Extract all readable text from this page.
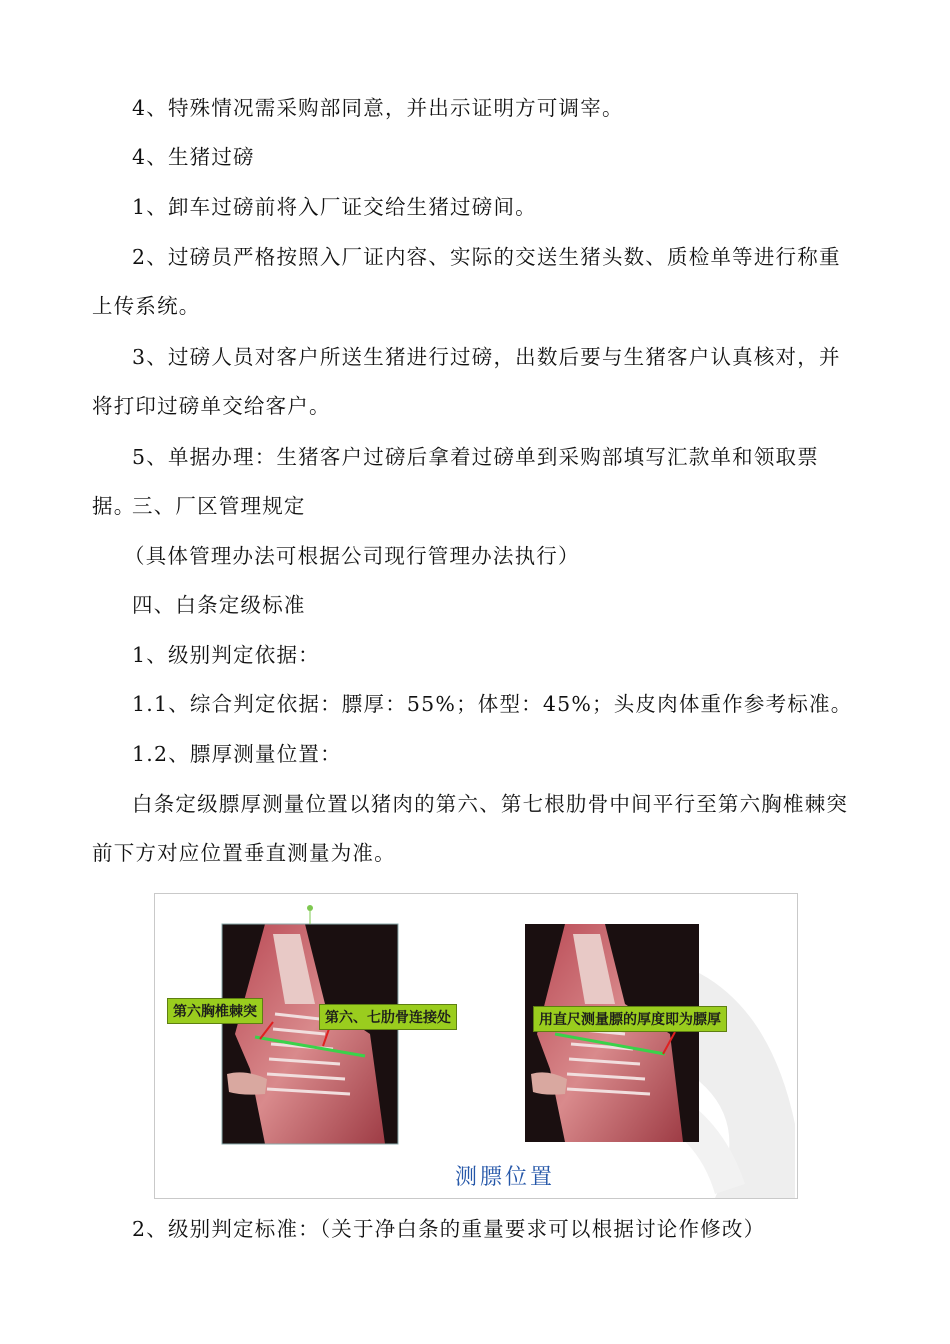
4、特殊情况需采购部同意，并出示证明方可调宰。

4、生猪过磅

1、卸车过磅前将入厂证交给生猪过磅间。

2、过磅员严格按照入厂证内容、实际的交送生猪头数、质检单等进行称重上传系统。

3、过磅人员对客户所送生猪进行过磅，出数后要与生猪客户认真核对，并将打印过磅单交给客户。

5、单据办理：生猪客户过磅后拿着过磅单到采购部填写汇款单和领取票据。

三、厂区管理规定

（具体管理办法可根据公司现行管理办法执行）

四、白条定级标准

1、级别判定依据：

1.1、综合判定依据：膘厚：55%；体型：45%；头皮肉体重作参考标准。

1.2、膘厚测量位置：

白条定级膘厚测量位置以猪肉的第六、第七根肋骨中间平行至第六胸椎棘突前下方对应位置垂直测量为准。

第六胸椎棘突	第六、七肋骨连接处	用直尺测量膘的厚度即为膘厚
测膘位置

2、级别判定标准：（关于净白条的重量要求可以根据讨论作修改）
